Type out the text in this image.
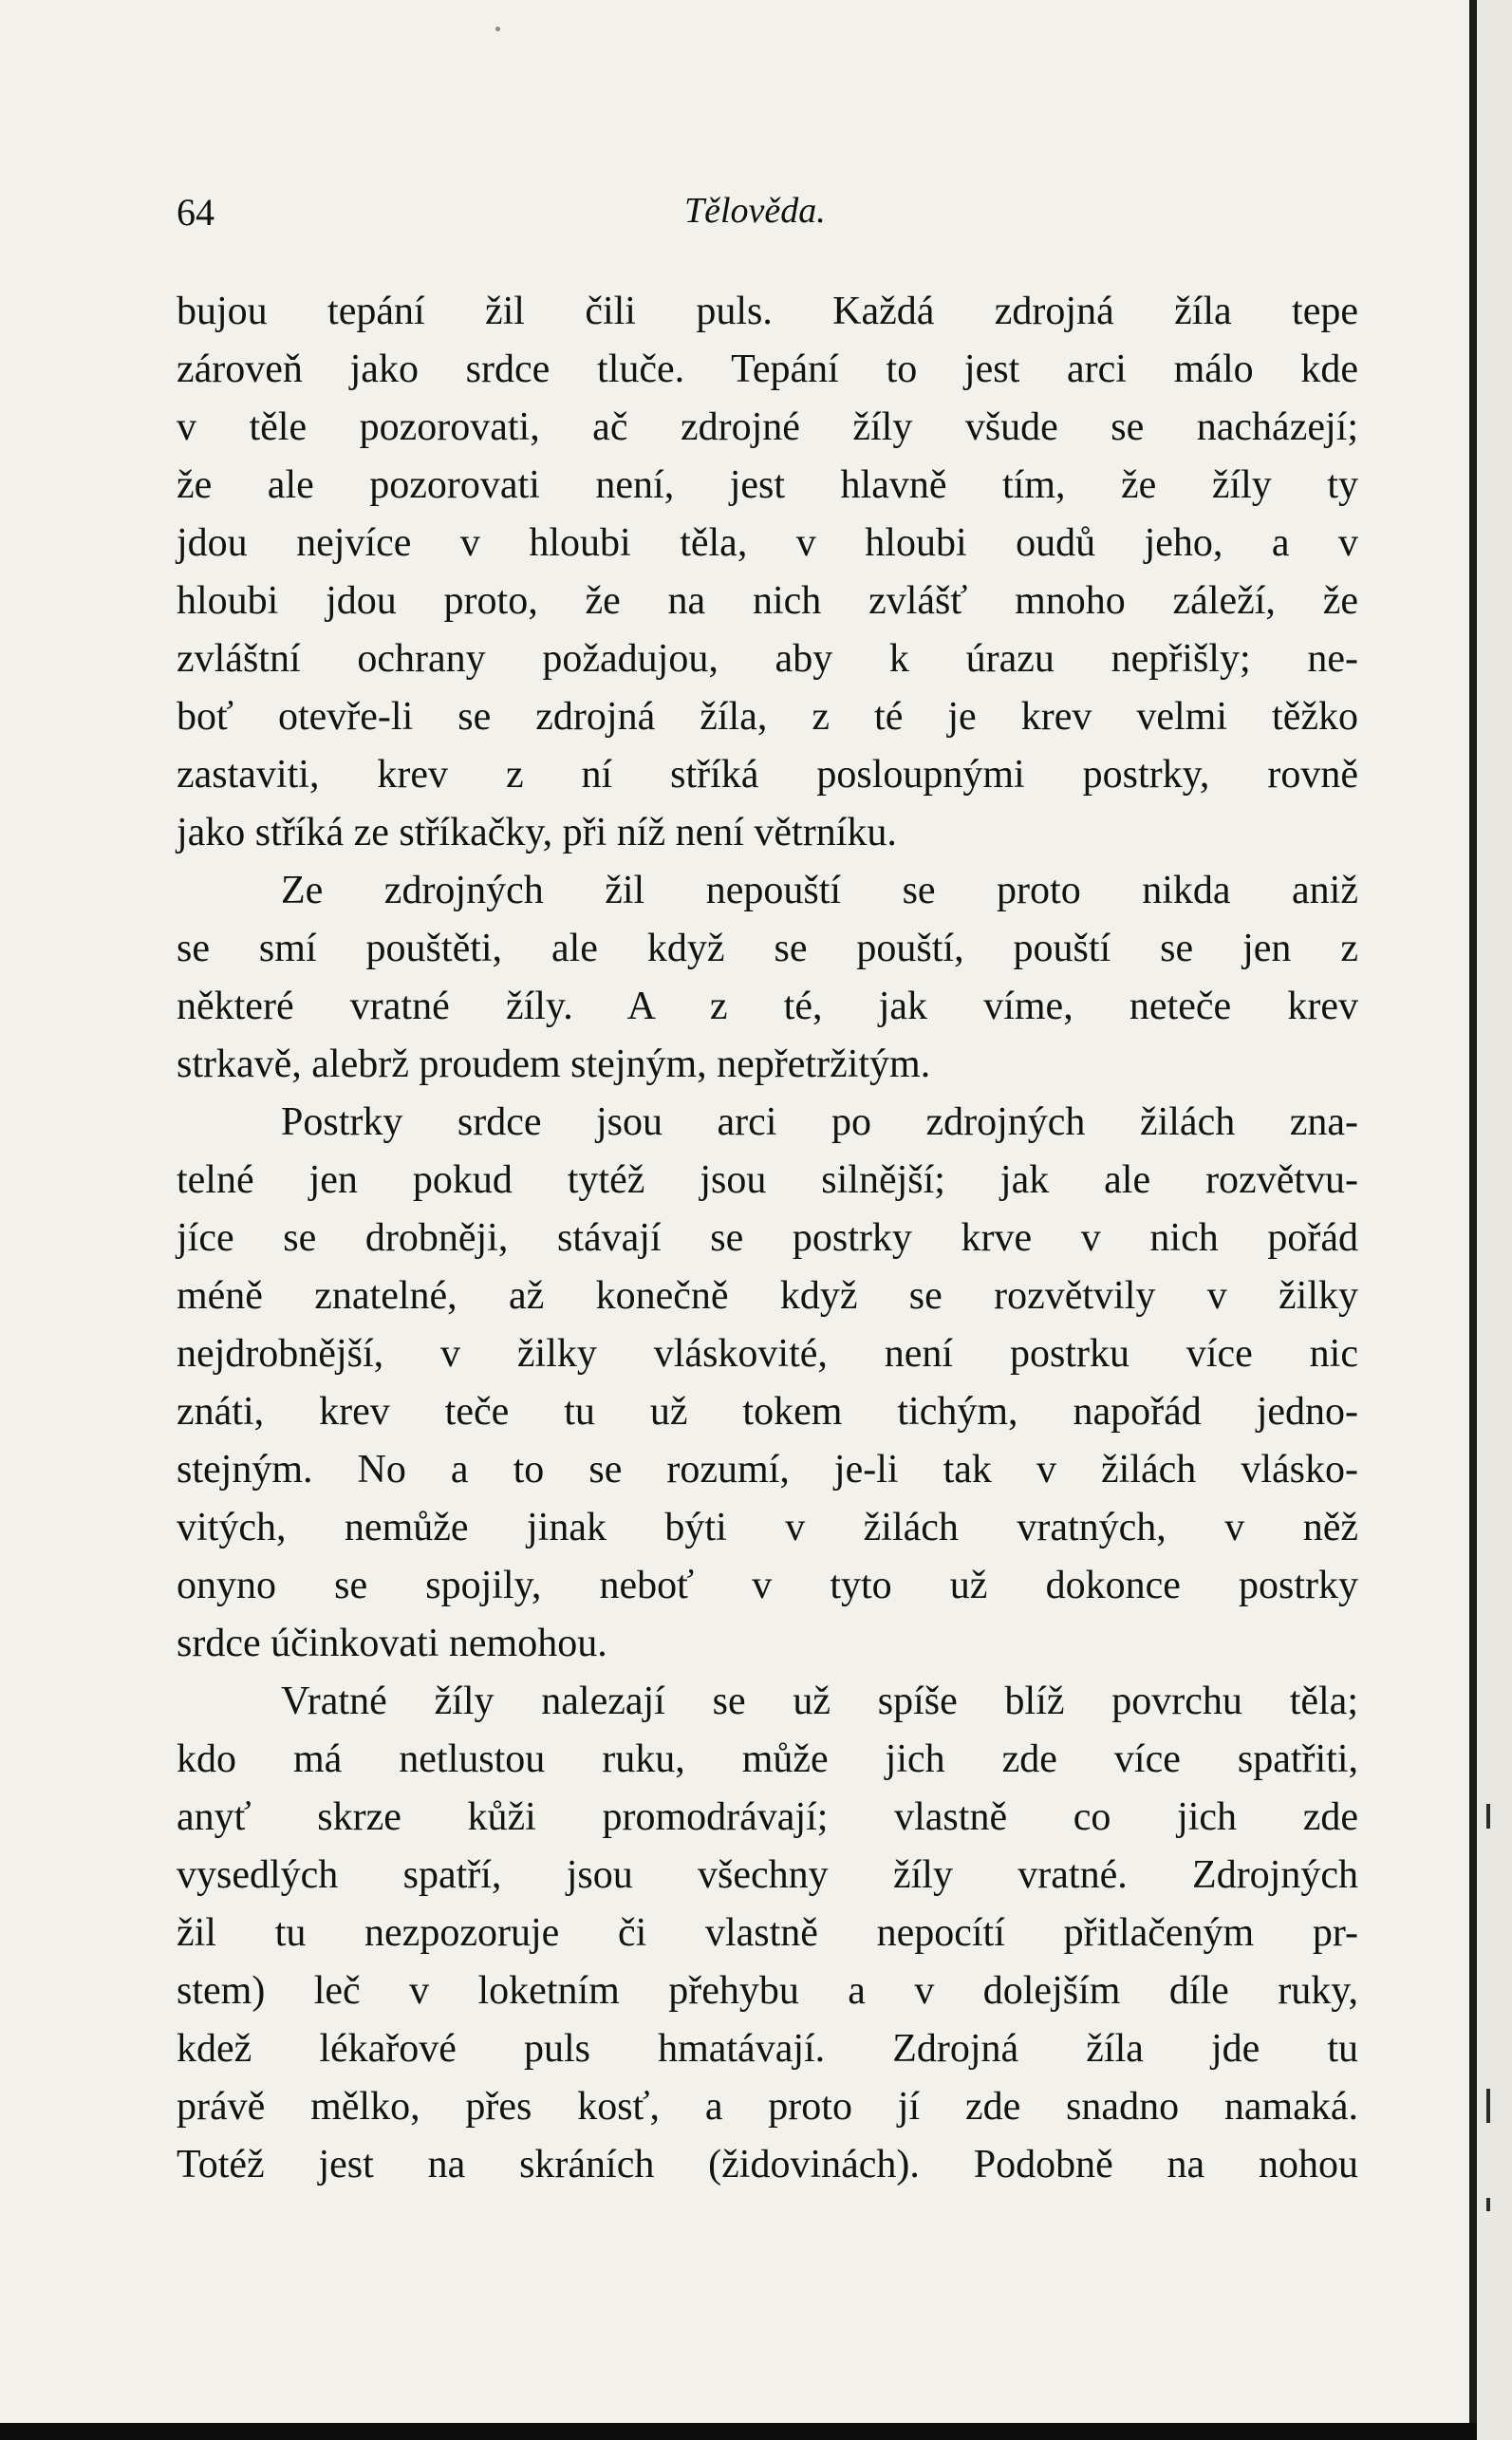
64	Tělověda.
bujou tepání žil čili puls. Každá zdrojná žíla tepe
zároveň jako srdce tluče. Tepání to jest arci málo kde
v těle pozorovati, ač zdrojné žíly všude se nacházejí;
že ale pozorovati není, jest hlavně tím, že žíly ty
jdou nejvíce v hloubi těla, v hloubi oudů jeho, a v
hloubi jdou proto, že na nich zvlášť mnoho záleží, že
zvláštní ochrany požadujou, aby k úrazu nepřišly; ne-
boť otevře-li se zdrojná žíla, z té je krev velmi těžko
zastaviti, krev z ní stříká posloupnými postrky, rovně
jako stříká ze stříkačky, při níž není větrníku.
Ze zdrojných žil nepouští se proto nikda aniž
se smí pouštěti, ale když se pouští, pouští se jen z
některé vratné žíly. A z té, jak víme, neteče krev
strkavě, alebrž proudem stejným, nepřetržitým.
Postrky srdce jsou arci po zdrojných žilách zna-
telné jen pokud tytéž jsou silnější; jak ale rozvětvu-
jíce se drobněji, stávají se postrky krve v nich pořád
méně znatelné, až konečně když se rozvětvily v žilky
nejdrobnější, v žilky vláskovité, není postrku více nic
znáti, krev teče tu už tokem tichým, napořád jedno-
stejným. No a to se rozumí, je-li tak v žilách vlásko-
vitých, nemůže jinak býti v žilách vratných, v něž
onyno se spojily, neboť v tyto už dokonce postrky
srdce účinkovati nemohou.
Vratné žíly nalezají se už spíše blíž povrchu těla;
kdo má netlustou ruku, může jich zde více spatřiti,
anyť skrze kůži promodrávají; vlastně co jich zde
vysedlých spatří, jsou všechny žíly vratné. Zdrojných
žil tu nezpozoruje či vlastně nepocítí přitlačeným pr-
stem) leč v loketním přehybu a v dolejším díle ruky,
kdež lékařové puls hmatávají. Zdrojná žíla jde tu
právě mělko, přes kosť, a proto jí zde snadno namaká.
Totéž jest na skráních (židovinách). Podobně na nohou
